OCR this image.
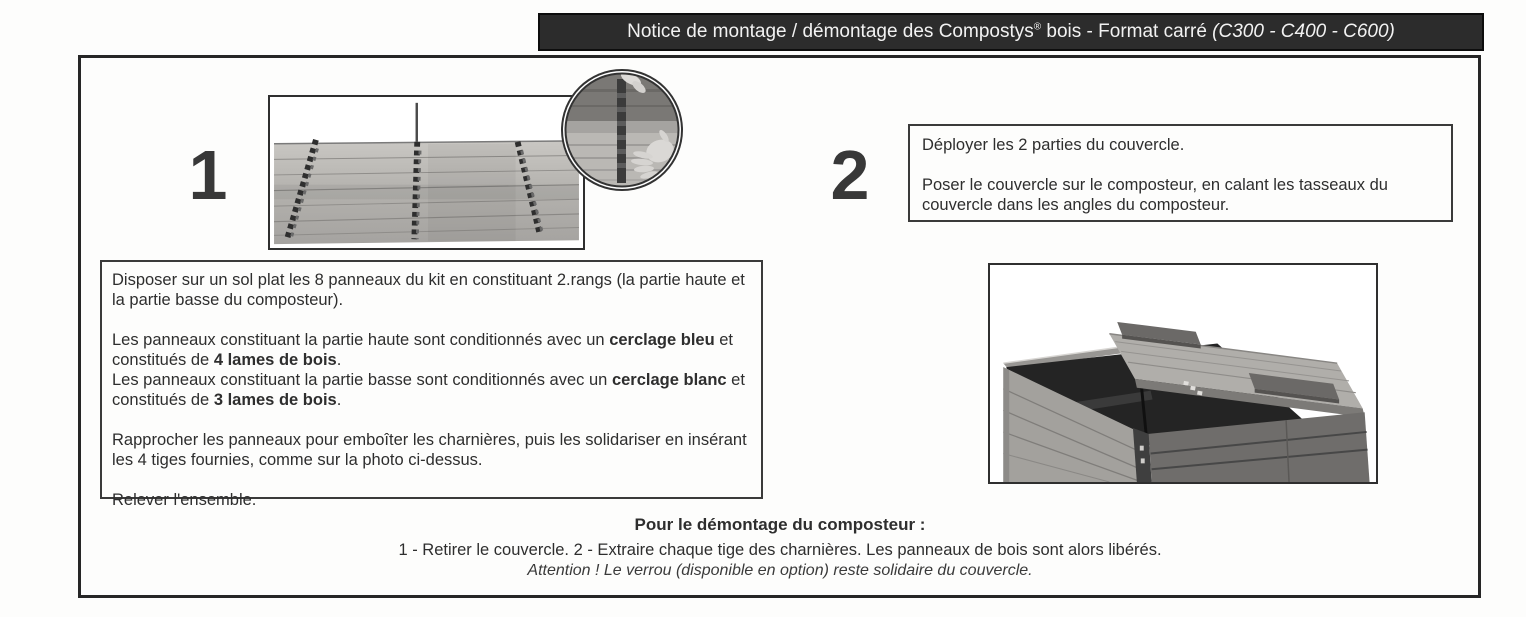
Notice de montage / démontage des Compostys® bois - Format carré (C300 - C400 - C600)
1

Disposer sur un sol plat les 8 panneaux du kit en constituant 2.rangs (la partie haute et la partie basse du composteur).

Les panneaux constituant la partie haute sont conditionnés avec un cerclage bleu et constitués de 4 lames de bois.

Les panneaux constituant la partie basse sont conditionnés avec un cerclage blanc et constitués de 3 lames de bois.

Rapprocher les panneaux pour emboîter les charnières, puis les solidariser en insérant les 4 tiges fournies, comme sur la photo ci-dessus.

Relever l'ensemble.

2	Déployer les 2 parties du couvercle.

Poser le couvercle sur le composteur, en calant les tasseaux du couvercle dans les angles du composteur.

Pour le démontage du composteur :
1 - Retirer le couvercle. 2 - Extraire chaque tige des charnières. Les panneaux de bois sont alors libérés.
Attention ! Le verrou (disponible en option) reste solidaire du couvercle.
